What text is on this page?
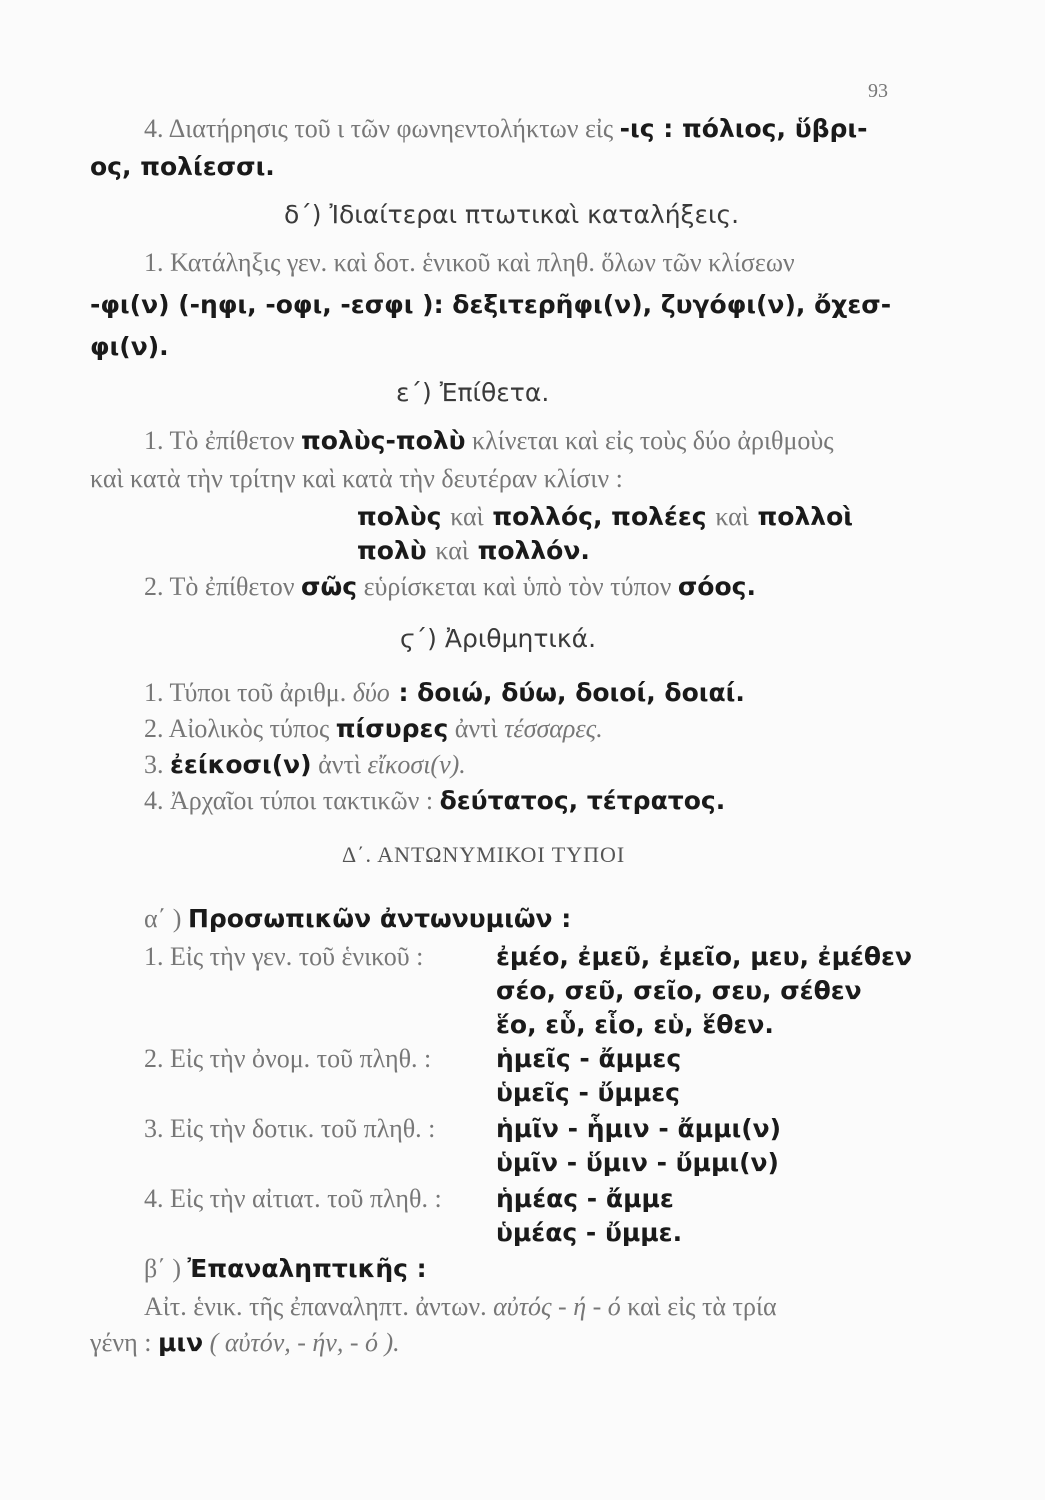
93
4. Διατήρησις τοῦ ι τῶν φωνηεντολήκτων εἰς -ις : πόλιος, ὕβρι-
ος, πολίεσσι.
δ΄) Ἰδιαίτεραι πτωτικαὶ καταλήξεις.
1. Κατάληξις γεν. καὶ δοτ. ἑνικοῦ καὶ πληθ. ὅλων τῶν κλίσεων
-φι(ν) (-ηφι, -οφι, -εσφι ): δεξιτερῆφι(ν), ζυγόφι(ν), ὄχεσ-
φι(ν).
ε΄) Ἐπίθετα.
1. Τὸ ἐπίθετον πολὺς-πολὺ κλίνεται καὶ εἰς τοὺς δύο ἀριθμοὺς
καὶ κατὰ τὴν τρίτην καὶ κατὰ τὴν δευτέραν κλίσιν :
πολὺς καὶ πολλός, πολέες καὶ πολλοὶ
πολὺ καὶ πολλόν.
2. Τὸ ἐπίθετον σῶς εὑρίσκεται καὶ ὑπὸ τὸν τύπον σόος.
ϛ΄) Ἀριθμητικά.
1. Τύποι τοῦ ἀριθμ. δύο : δοιώ, δύω, δοιοί, δοιαί.
2. Αἰολικὸς τύπος πίσυρες ἀντὶ τέσσαρες.
3. ἐείκοσι(ν) ἀντὶ εἴκοσι(ν).
4. Ἀρχαῖοι τύποι τακτικῶν : δεύτατος, τέτρατος.
Δ΄. ΑΝΤΩΝΥΜΙΚΟΙ ΤΥΠΟΙ
α΄ ) Προσωπικῶν ἀντωνυμιῶν :
1. Εἰς τὴν γεν. τοῦ ἑνικοῦ :	ἐμέο, ἐμεῦ, ἐμεῖο, μευ, ἐμέθεν
σέο, σεῦ, σεῖο, σευ, σέθεν
ἕο, εὗ, εἷο, εὑ, ἕθεν.
2. Εἰς τὴν ὀνομ. τοῦ πληθ. :	ἡμεῖς - ἄμμες
ὑμεῖς - ὔμμες
3. Εἰς τὴν δοτικ. τοῦ πληθ. : ἡμῖν - ἧμιν - ἄμμι(ν)
ὑμῖν - ὕμιν - ὔμμι(ν)
4. Εἰς τὴν αἰτιατ. τοῦ πληθ. : ἡμέας - ἄμμε
ὑμέας - ὔμμε.
β΄ ) Ἐπαναληπτικῆς :
Αἰτ. ἑνικ. τῆς ἐπαναληπτ. ἀντων. αὐτός - ή - ό καὶ εἰς τὰ τρία
γένη : μιν ( αὐτόν, - ήν, - ό ).
